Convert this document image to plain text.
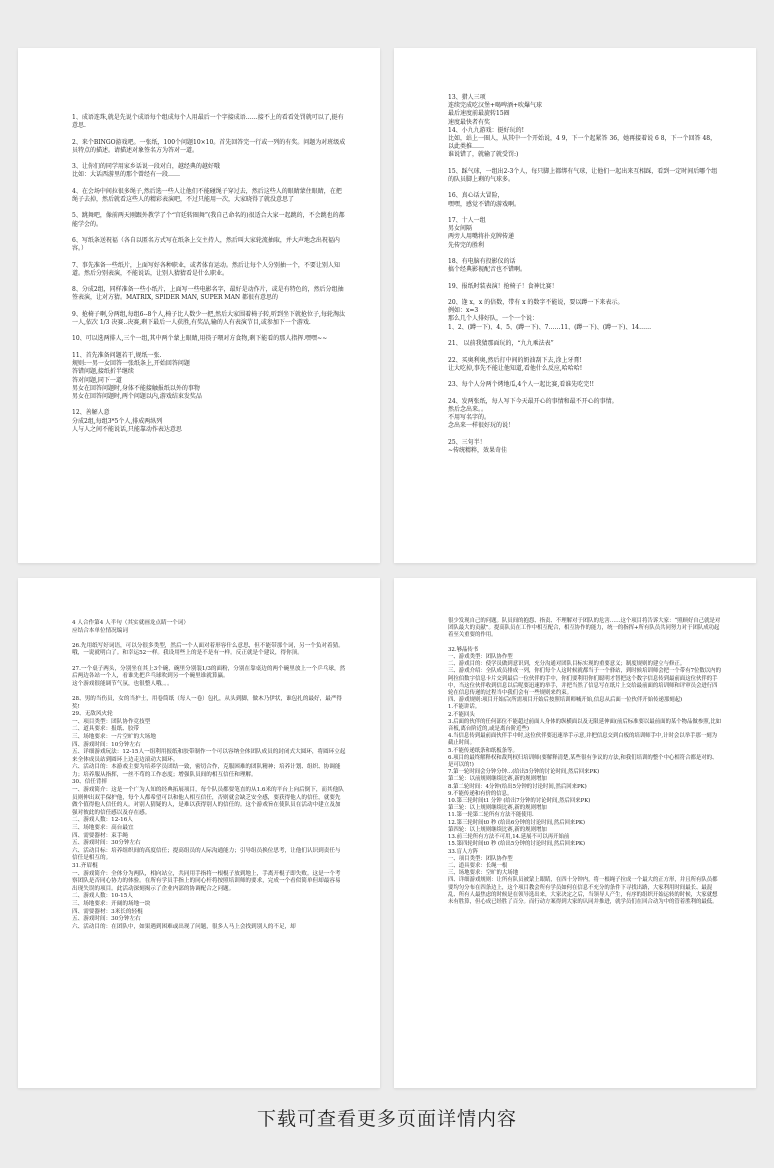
1、成语连珠,就是先说个成语每个组成每个人用最后一个字接成语……接不上的看看处罚就可以了,挺有意思.

2、来个BINGO游戏吧。一张纸，100个问题10×10。首先回答完一行或一列的有奖。问题为对班级成员特点的描述。请描述对象签名方为答对一道。

3、让你们的同学用家乡话说一段对白，越经典的越好哦
比如：大话西游里的那个曾经有一段……

4、在会场中间拉很多绳子,然后选一些人让他们不能碰绳子穿过去，然后这些人的眼睛蒙住眼睛，在把绳子去掉，然后就看这些人的精彩表演吧，不过只能用一次，大家晓得了就没意思了

5、跳舞吧，像前两天刚跟外教学了个“宫廷转圈舞”(我自己命名的)很适合大家一起跳的，不会跳也的都能学会的。

6、写纸条送祝福（各自以匿名方式写在纸条上交主持人，然后叫大家轮流抽取，并大声地念出祝福内容。）

7、事先准备一些纸片，上面写好各种职业，或者体育运动。然后让每个人分别抽一个，不要让别人知道。然后分别表演，不能说话，让别人猜猜看是什么职业。

8、分成2组，同样准备一些小纸片，上面写一些电影名字，最好是动作片，或是有特色的，然后分组抽签表演，让对方猜。MATRIX, SPIDER MAN, SUPER MAN 都很有意思的

9、抢椅子啊,分两组,每组6--8个人,椅子比人数少一把,然后大家围着椅子转,听到坐下就抢位子,每轮淘汰一人,依次 1/3 决赛..决赛,剩下最后一人获胜,有奖品,输的人有表演节目,或参加下一个游戏.

10、可以选两排人,三个一组,其中两个蒙上眼睛,用筷子喂对方食物,剩下能看的那人指挥.嘿嘿~~

11、首先准备问题若干,规纸一张.
规则:一男一女回答一张纸条上,开始回答问题
答错问题,接纸折半继续
答对问题,同下一道
男女在回答问题时,身体不能接触报纸以外的事物
男女在回答问题时,两个问题以内,游戏结束发奖品

12、善解人意
分成2组,每组3*5个人,排成两纵列
人与人之间不能说话,只能靠动作表达意思
13、猎人三项
连续完成吃汉堡+喝啤酒+吹爆气球
最后速度前最旋转15圈
速度最快者有奖
14、小九九游戏：挺好玩的!
比如，站上一圈人，从其中一个开始说，4 9，下一个起紧答 36，她再接着说 6 8，下一个回答 48，以此类推……
谁说错了，就输了就受罚:)

15、踩气球，一组出2-3个人，每只脚上都绑有气球，让他们一起出来互相踩，看到一定时间后哪个组的队员脚上剩的气球多。

16、真心话大冒险，
嘿嘿，感觉不错的游戏啊。

17、十人一组
男女间隔
两旁人用嘴将扑克牌传递
先传完的胜利

18、有电脑有投影仪的话
搞个经典影视配音也不错啊。

19、报纸时装表演！抢椅子！食神比赛！

20、逢 x，x 的倍数，带有 x 的数字不能说，要以蹲一下来表示。
例如：x=3
那么几个人排好队，一个一个说：
1、2、(蹲一下)、4、5、(蹲一下)、7……11、(蹲一下)、(蹲一下)、14……

21、 以前我猜那面玩的，“九九乘法表”

22、买奥利奥,然后打中间的奶油刮下去,涂上牙膏!
让大吃掉,事先不能让他知道,看他什么反应,哈哈哈!

23、每个人分两个烤地瓜,4个人一起比赛,看谁先吃完!!

24、发两张纸，每人写下今天最开心的事情和最不开心的事情。
然后念出来。。
不用写名字的。
念出来一样很好玩的说！

25、三句半！
~传统精粹，效果奇佳
4 人合作第4 人半句（其实就画龙点睛一个词）
应结合本单位情况编词

26.先用纸写好词语，可以分很多类型，然后一个人面对着形容什么意思，但不能带那个词，另一个负对着猜。
哦，一说就明白了。和幸运52一样。我设用些上的是不是有一样。反正就是个建议，得你顶。

27.一个桌子两头，分别坐在其上3个碗，碗里分别装1/3的面粉，分别在靠桌边的两个碗里放上一个乒乓球，然后两边各站一个人，看谁先把乒乓球吹到另一个碗里谁就算赢。
这个游戏很能调节气氛，也很整人哦。。。

28、男的当伤员，女的当护士，用卷筒纸（每人一卷）包扎，从头到脚，做木乃伊状，谁包扎的最好，最严得奖!
29、无敌风火轮
一、项目类型：团队协作竞技型
二、道具要求：报纸、胶带
三、场地要求：一片空旷的大场地
四、游戏时间：10分钟左右
五、详细游戏玩法：12-15人一组利用报纸和胶带制作一个可以容纳全体团队成员的封闭式大圆环，将圆环立起来全体成员站到圆环上边走边滚动大圆环。
六、活动目的：本游戏主要为培养学员团结一致，密切合作，克服困难的团队精神；培养计划、组织、协调能力；培养服从指挥，一丝不苟的工作态度；增强队员间的相互信任和理解。
30、信任背摔
一、游戏简介：这是一个广为人知的经典拓展项目，每个队员都要笔直的从1.6米的平台上向后倒下，而其他队员则伸出双手保护他，每个人都希望可以和他人相互信任，否则就会缺乏安全感，要获得他人的信任，就要先做个值得他人信任的人。对别人猜疑的人，是难以获得别人的信任的。这个游戏旨在使队员在活动中建立及加强对彼此的信任感以及存在感。
二、游戏人数：12-16人
三、场地要求：高台最宜
四、需要器材：束手绳
五、游戏时间：30分钟左右
六、活动目标：培养组织间的高度信任；提高组员的人际沟通能力；引导组员换位思考，让他们认识到责任与信任是相互的。
31.齐眉棍
一、游戏简介：全体分为两队，相向站立，共同用手指将一根棍子放到地上，手离开棍子即失败。这是一个考察团队是否同心协力的体验。在所有学员手指上的同心杆将按照培训师的要求，完成一个看似简单但却最容易出现失误的项目。此活动深刻揭示了企业内部的协调配合之问题。
二、游戏人数：10-15人
三、场地要求：开阔的场地一块
四、需要器材：3米长的轻棍
五、游戏时间：30分钟左右
六、活动目的：在团队中，如果遇到困难或出现了问题，很多人马上会找到别人的不足，却
很少发现自己的问题。队员间的抱怨、指责、不理解对于团队的危害……这个项目将告诉大家：“照顾好自己就是对团队最大的贡献”。提高队员在工作中相互配合，相互协作的能力，统一的指挥+所有队员共同努力对于团队成功起着至关重要的作用。

32.够晶传书
一、游戏类型：团队协作型
二、游戏目的：使学员做到意识到，充分沟通对团队目标实现的重要意义；制度规则的建立与修正。
三、游戏介绍：全队成员排成一列，你们每个人这时候就都当于一个驿站，到时候培训师会把一个带有7位数以内的阿拉伯数字信息卡片交到最后一位伙伴的手中，你们要利用你们聪明才智把这个数字信息传到最前面这位伙伴的手中，当这位伙伴收到信息以后呢要迅速的举手，并把当然了信息写在纸片上交给最前面的培训师和评审员会进行四轮在信息传递的过程当中我们会有一些规则来约束。
四、游戏规则:项目开始后(所需项目开始后按照培训师喊开始,信息从后面一位伙伴开始传递那刻起)
1.不能讲话。
2.不能回头
3.后面的伙伴的任何部位不能超过前面人身体的纵横面以及无限延伸面(前后标准要以最前面的某个物品做参照,比如音板,离台阶近的,或是离台阶近些)
4.当信息传到最前面伙伴手中时,这位伙伴要迅速举手示意,并把信息交到白板的培训师手中,计时会以举手那一刻为截止时间。
5.不能传递纸条和纸板条等。
6.项目的最终解释权和裁判权归培训师(要解释清楚,某些很有争议的方法,和我们培训的整个中心相符合都是对的、是可以的!)
7.第一轮时间会分钟分钟...(给出5分钟的讨论时间,然后回来PK)
第二轮：以前规则继续比赛,新的规则增加
8.第二轮时间：4分钟(给出5分钟的讨论时间,然后回来PK)
9.不能传递和有价的信息。
10.第三轮时间t1 分钟 (给出7分钟的讨论时间,然后回来PK)
第三轮：以上规则继续比赛,新的规则增加
11.第一轮第二轮所有方法不能使用.
12.第三轮时间t0 秒 (给出6分钟的讨论时间,然后回来PK)
第四轮：以上规则继续比赛,新的规则增加
13.前三轮所有方法不可用,14.延展不可以再开始前
15.第四轮时间t0 秒 (给出5分钟的讨论时间,然后回来PK)
33.盲人方阵
一、项目类型：团队协作型
二、道具要求：长绳一根
三、场地要求：空旷的大场地
四、详细游戏规则：让所有队员被蒙上眼睛，在四十分钟内，将一根绳子拉成一个最大的正方形，并且所有队员都要均匀分布在四条边上，这个项目教会所有学员如何在信息不充分的条件下寻找出路，大家利用时间最长、最混乱、所有人最焦虑的时候是在领导选出来，大家决定之后，当领导人产生，有序的组织开始运转的时候，大家就想未有胜算，但心成已经胜了百分。而行动方案得到大家的认同并推进，就学员们在回合动为中的管着胜利的最低。
下载可查看更多页面详情内容
